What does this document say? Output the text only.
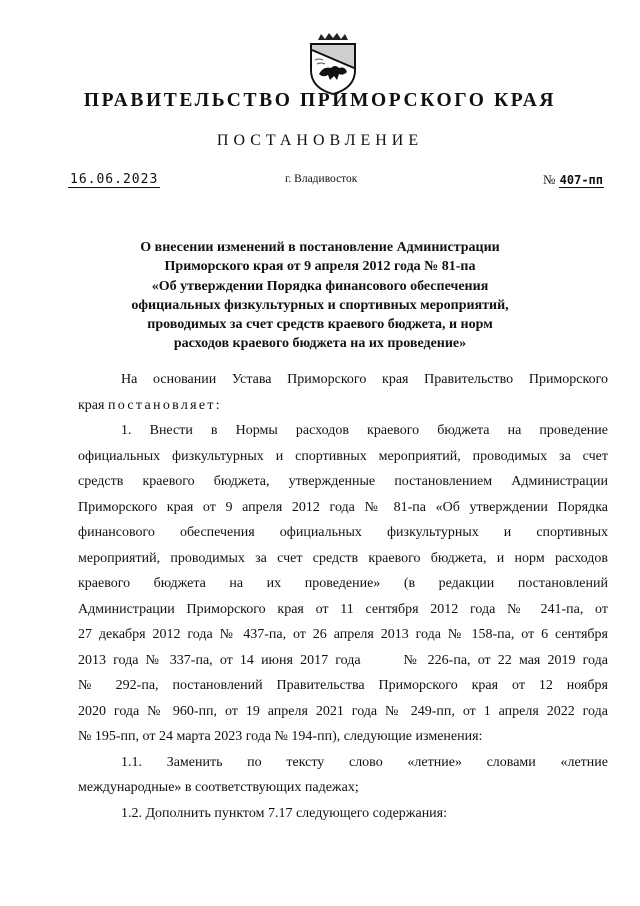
ПРАВИТЕЛЬСТВО ПРИМОРСКОГО КРАЯ
ПОСТАНОВЛЕНИЕ
16.06.2023	г. Владивосток	№ 407-пп
О внесении изменений в постановление Администрации
Приморского края от 9 апреля 2012 года № 81-па
«Об утверждении Порядка финансового обеспечения
официальных физкультурных и спортивных мероприятий,
проводимых за счет средств краевого бюджета, и норм
расходов краевого бюджета на их проведение»
На основании Устава Приморского края Правительство Приморского
края постановляет:
1. Внести в Нормы расходов краевого бюджета на проведение
официальных физкультурных и спортивных мероприятий, проводимых за счет
средств краевого бюджета, утвержденные постановлением Администрации
Приморского края от 9 апреля 2012 года № 81-па «Об утверждении Порядка
финансового обеспечения официальных физкультурных и спортивных
мероприятий, проводимых за счет средств краевого бюджета, и норм расходов
краевого бюджета на их проведение» (в редакции постановлений
Администрации Приморского края от 11 сентября 2012 года № 241-па, от
27 декабря 2012 года № 437-па, от 26 апреля 2013 года № 158-па, от 6 сентября
2013 года № 337-па, от 14 июня 2017 года      № 226-па, от 22 мая 2019 года
№ 292-па, постановлений Правительства Приморского края от 12 ноября
2020 года № 960-пп, от 19 апреля 2021 года № 249-пп, от 1 апреля 2022 года
№ 195-пп, от 24 марта 2023 года № 194-пп), следующие изменения:
1.1. Заменить по тексту слово «летние» словами «летние
международные» в соответствующих падежах;
1.2. Дополнить пунктом 7.17 следующего содержания:
